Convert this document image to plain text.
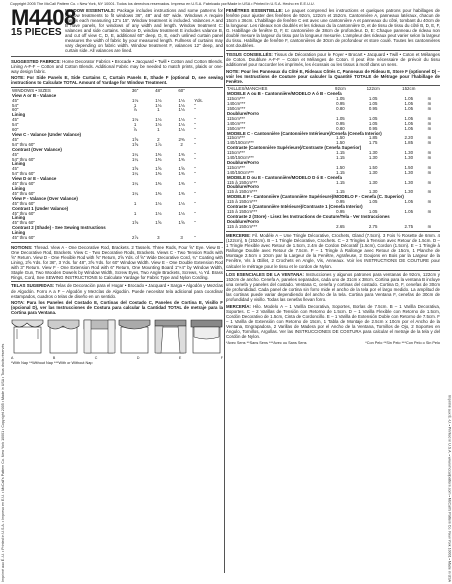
Copyright 2005 The McCall Pattern Co. • New York, NY 10001. Todos los derechos reservados. Impreso en U.S.A. Fabricado por/Made in USA • Printed in U.S.A. Hecho en E.E.U.U.
Imprimé aux É.-U. • Printed in U.S.A. • Impreso en E.U. • McCall's Pattern Co. New York 10001 • Copyright 2005 • Made in USA • Tous droits réservés	Imprimé aux É.-U. • Printed in U.S.A. • www.mccallpattern.com • McCall's Pattern Co. New York 10001 • Made in USA
M4408
15 PIECES
WINDOW ESSENTIALS: Package includes instructions and some patterns for window treatments to fit windows 36", 48" and 60" wide. Windows A require panels each measuring 12"x 15". Window treatment is included. Valances A and B have panels, for windows of any width and length. Window treatment C: valances and side curtains. Valance D, window treatment E includes valance B, and cut off view C, D, E, additional 60" deep, D, E, each unlined curtain panel measures the width of fabric by your measured length. Fullness of curtains may vary depending on fabric width. Window treatment F, valances 12" deep, and curtain side. All valances are lined.
SUGGESTED FABRICS: Home Decorator Fabrics • Brocade • Jacquard • Twill • Cotton and Cotton Blends. Lining A-F-F – Cotton and Cotton Blends. Additional Fabric may be needed to match prints, plaids or one-way design fabric.
NOTE: For Side Panels E, Side Curtains C, Curtain Panels E, Shade F (optional D, see sewing instructions to Calculate TOTAL Amount of Yardage for Window Treatment.
WINDOWS • SIZES	36"	48"	60"	
View A or B - Valance				
45"	1⅛	1⅛	1⅛	Yds.
54"	1	1⅛	1⅛	"
60"	⅞	1	1⅛	"
Lining				
45"	1⅛	1⅛	1⅛	"
54"	1	1⅛	1⅛	"
60"	⅞	1	1⅛	"
View C - Valance (Under Valance)				
45"	1⅝	2	2⅜	"
54" thru 60"	1⅝	1⅞	2	"
Contrast (Over Valance)				
45"	1¼	1⅜	1⅜	"
54" thru 60"	1¼	1⅜	1⅜	"
Lining				
45"	1⅝	1⅝	1⅝	"
54" thru 60"	1¼	1⅜	1⅜	"
View D or E - Valance				
45" thru 60"	1¼	1⅜	1⅜	"
Lining				
45" thru 60"	1¼	1⅜	1⅜	"
View F - Valance (Over Valance)				
45" thru 60"	1	1⅛	1⅛	"
Contrast 1 (Under Valance)				
45" thru 60"	1	1⅛	1⅛	"
Lining				
45" thru 60"	1⅝	1⅝	1⅝	"
Contrast 2 (Shade) - See Sewing Instructions				
Lining				
45" thru 60"	2⅞	3	3	"
NOTIONS: Thread. View A - One Decorative Rod, Brackets. 2 Tassels. Three Rods, Four ⅝" Eye. View B - One Decorative Rod, Brackets. View C - Two Decorative Rods, Brackets. Views C - Two Tension Rods with ⅝" Return. View D - One Flexible Rod with ⅝" Return, 2⅝ Yds. of ⅝" Wide Decorative Cord, ¾" Coating with Lining, 2⅝ Yds. for 36", 3 Yds. for 48", 3⅝ Yds. for 60" Window Width. View E - One Double Extension Rod with 3" Return. View F - One Extension Rod with 6" Return, One Mounting Board 1"×4" by Window Width, Staple Gun, Two Wooden Dowels by Window Width, Screw Eyes, Two Angle Brackets, Screws, ¼ Yd. Brass Rings, Cord, See SEWING INSTRUCTIONS to Calculate Yardage for Fabric Type and Nylon Cording.
TELAS SUGERIDAS: Telas de Decoración para el Hogar • Brocado • Jacquard • Sarga • Algodón y Mezclas de Algodón. Forro A a F – Algodón y Mezclas de Algodón. Puede necesitar tela adicional para coordinar estampados, cuadros o telas de diseño en un sentido.
NOTA: Para los Paneles del Costado E, Cortinas del Costado C, Paneles de Cortina E, Visillo F (opcional D), ver las Instrucciones de Costura para calcular la Cantidad TOTAL de metraje para la Cortina para Ventana.
A	B	C	D	E	F
*With Nap **Without Nap ***With or Without Nap
FENÊTRES ESSENTIELLE: Le paquet comprend les instructions et quelques patrons pour habillages de fenêtre pour ajuster des fenêtres de 92cm, 122cm et 152cm. Cantonnière A, panneaux latéraux, chacun de 15cm x 36cm. L'habillage de fenêtre C est avec une cantonnière A et panneaux du côté, tombant du 40cm de la longueur. Les rideaux non doublés et les rideaux du la cantonnière D, et de tissu de tissu du côté B, D, E, F, G. Habillage de fenêtre D, F, E: cantonnière de 38cm de profondeur. D, E: Chaque panneau de rideau non doublé mesure la largeur du tissu par la longueur mesurée. L'ampleur des rideaux peut varier selon la largeur du tissu. Habillage de fenêtre F, cantonnières de 30cm de profondeur et store coulé. Toutes les cantonnières sont doublées.
TISSUS CONSEILLÉS: Tissus de Décoration pour le Foyer • Brocart • Jacquard • Twill • Coton et Mélanges de Coton. Doublure A-F-F – Coton et Mélanges de Coton. Il peut être nécessaire de prévoir du tissu additionnel pour raccorder les imprimés, les écossais ou les tissus à motif dans un sens.
NOTE: Pour les Panneaux du Côté E, Rideaux Côtés C, Panneaux de Rideau E, Store F (optionnel D) – voir les Instructions de Couture pour calculer la Quantité TOTALE de Métrage pour l'habillage de Fenêtre.
TAILLES/MANCHES	92cm	122cm	152cm	
MODELE A ou B - Cantonnière/MODELO A ó B - Cenefa				
115cm***	1.05	1.05	1.05	m
140cm***	0.95	1.05	1.05	m
150cm***	0.80	0.95	1.05	m
Doublure/Forro				
115cm***	1.05	1.05	1.05	m
140cm***	0.95	1.05	1.05	m
150cm***	0.80	0.95	1.05	m
MODELE C - Cantonnière (Cantonnière Intérieure)/Cenefa (Cenefa Interior)				
115cm***	1.50	1.85	2.20	m
140/150cm***	1.50	1.75	1.85	m
Contraste (Cantonnière Supérieure)/Contraste (Cenefa Superior)				
115cm***	1.15	1.30	1.30	m
140/150cm***	1.15	1.30	1.30	m
Doublure/Forro				
115cm***	1.50	1.50	1.50	m
140/150cm***	1.15	1.30	1.30	m
MODELE D ou E - Cantonnière/MODELO D ó E - Cenefa				
115 à 150cm***	1.15	1.30	1.30	m
Doublure/Forro				
115 à 150cm***	1.15	1.30	1.30	m
MODELE F - Cantonnière (Cantonnière Supérieure)/MODELO F - Cenefa (C. Superior)				
115 à 150cm***	0.95	1.05	1.05	m
Contraste 1 (Cantonnière Intérieure)/Contraste 1 (Cenefa Interior)				
115 à 150cm***	0.95	1.05	1.05	m
Contraste 2 (Store) - Lisez les Instructions de Couture/Tela - Ver Instrucciones				
Doublure/Forro				
115 à 150cm***	2.65	2.75	2.75	m
MERCERIE: Fil. Modèle A – Une Tringle Décorative, Crochets, Gland (7.5cm). 3 Fois ½ Rosette de 6mm. 4 (122cm), 5 (152cm). B – 1 Tringle Décorative, Crochets. C – 2 Tringles à Tension avec Retour de 1.5cm. D – 1 Tringle Flexible avec Retour de 1.5cm, 2.4m de Cordon Décoratif (1.5cm), Cordon (1.5cm). E – 1 Tringle à Rallonge Double avec Retour de 7.5cm. F – 1 Tringle à Rallonge avec Retour de 15cm, 1 Planche de Montage 2.5cm x 10cm par la Largeur de la Fenêtre, Agrafeuse, 2 Goujons en Bois par la Largeur de la Fenêtre, Vis à Œillet, 2 Crochets en Angle, Vis, Anneaux. Voir les INSTRUCTIONS DE COUTURE pour calculer le métrage pour le tissu et le cordon de Nylon.
LOS ESENCIALES DE LA VENTANA: Instrucciones y algunos patrones para ventanas de 92cm, 122cm y 152cm de ancho. Cenefa A, paneles separados, cada uno de 31cm x 38cm. Cortina para la ventana B incluye una cenefa y paneles del costado. Ventana C, cenefa y cortinas del costado. Cortina D, F, cenefas de 30cm de profundidad. Cada panel de cortina sin forro mide el ancho de la tela por el largo medido. La amplitud de las cortinas puede variar dependiendo del ancho de la tela. Cortina para Ventana F, cenefas de 30cm de profundidad y visillo. Todas las cenefas llevan forro.
MERCERÍA: Hilo. Modelo A – 1 Varilla Decorativa, Soportes, Borlas de 7.5cm. B – 1 Varilla Decorativa, Soportes. C – 2 Varillas de Tensión con Retorno de 1.5cm. D – 1 Varilla Flexible con Retorno de 1.5cm, Cordón Decorativo de 1.5cm, Cinta de Cordoncillo. E – 1 Varilla de Extensión Doble con Retorno de 7.5cm. F – 1 Varilla de Extensión con Retorno de 15cm, 1 Tabla de Montaje de 2.5cm x 10cm por el Ancho de la Ventana, Engrapadora, 2 Varillas de Madera por el Ancho de la Ventana, Tornillos de Ojo, 2 Soportes en Ángulo, Tornillos, Argollas. Ver las INSTRUCCIONES DE COSTURA para calcular el metraje de la tela y del Cordón de Nylon.
*Avec Sens **Sans Sens ***Avec ou Sans Sens	*Con Pelo **Sin Pelo ***Con Pelo o Sin Pelo
